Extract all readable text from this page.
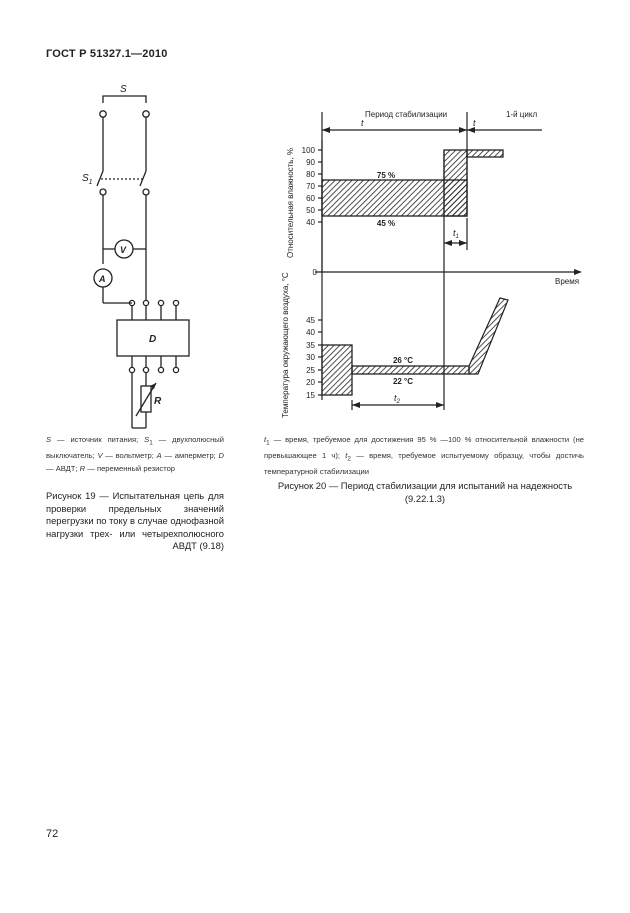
ГОСТ Р 51327.1—2010
S
$S_1$
V
A
D
R
S — источник питания; $S_1$ — двухполюсный выключатель; V — вольтметр; A — амперметр; D — АВДТ; R — переменный резистор
Рисунок 19 — Испытательная цепь для проверки предельных значений перегрузки по току в случае однофазной нагрузки трех- или четырехполюсного АВДТ (9.18)
Период стабилизации	1-й цикл
t	t
Относительная влажность, %
Температура окружающего воздуха, °С
100
90
80
70
60
50
40
0
45
40
35
30
25
20
15
Время
75 %
45 %
26 °С
22 °С
$t_1$
$t_2$
$t_1$ — время, требуемое для достижения 95 % —100 % относительной влажности (не превышающее 1 ч); $t_2$ — время, требуемое испытуемому образцу, чтобы достичь температурной стабилизации
Рисунок 20 — Период стабилизации для испытаний на надежность (9.22.1.3)
72
